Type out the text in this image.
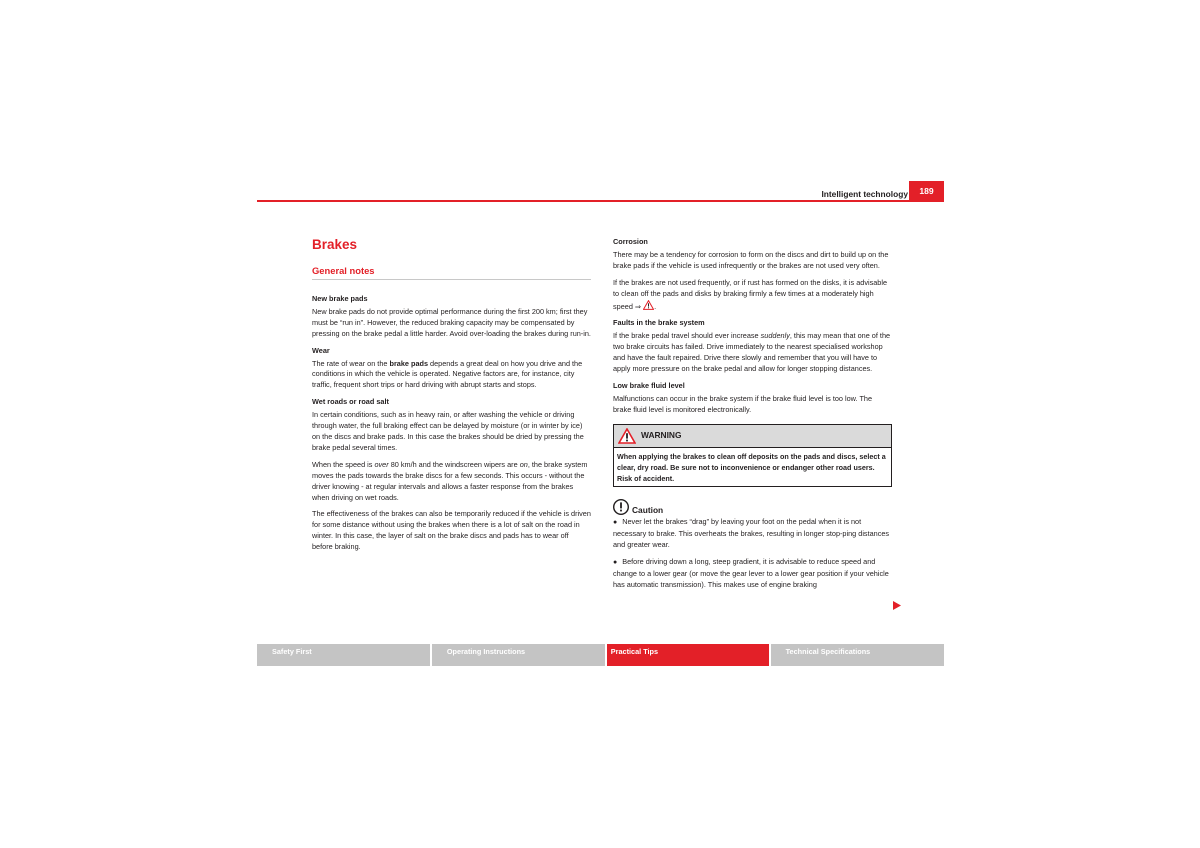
Intelligent technology	189
Brakes
General notes
New brake pads

New brake pads do not provide optimal performance during the first 200 km; first they must be “run in”. However, the reduced braking capacity may be compensated by pressing on the brake pedal a little harder. Avoid over-loading the brakes during run-in.

Wear

The rate of wear on the brake pads depends a great deal on how you drive and the conditions in which the vehicle is operated. Negative factors are, for instance, city traffic, frequent short trips or hard driving with abrupt starts and stops.

Wet roads or road salt

In certain conditions, such as in heavy rain, or after washing the vehicle or driving through water, the full braking effect can be delayed by moisture (or in winter by ice) on the discs and brake pads. In this case the brakes should be dried by pressing the brake pedal several times.

When the speed is over 80 km/h and the windscreen wipers are on, the brake system moves the pads towards the brake discs for a few seconds. This occurs - without the driver knowing - at regular intervals and allows a faster response from the brakes when driving on wet roads.

The effectiveness of the brakes can also be temporarily reduced if the vehicle is driven for some distance without using the brakes when there is a lot of salt on the road in winter. In this case, the layer of salt on the brake discs and pads has to wear off before braking.

Corrosion

There may be a tendency for corrosion to form on the discs and dirt to build up on the brake pads if the vehicle is used infrequently or the brakes are not used very often.

If the brakes are not used frequently, or if rust has formed on the disks, it is advisable to clean off the pads and disks by braking firmly a few times at a moderately high speed ⇒ .

Faults in the brake system

If the brake pedal travel should ever increase suddenly, this may mean that one of the two brake circuits has failed. Drive immediately to the nearest specialised workshop and have the fault repaired. Drive there slowly and remember that you will have to apply more pressure on the brake pedal and allow for longer stopping distances.

Low brake fluid level

Malfunctions can occur in the brake system if the brake fluid level is too low. The brake fluid level is monitored electronically.

WARNING
When applying the brakes to clean off deposits on the pads and discs, select a clear, dry road. Be sure not to inconvenience or endanger other road users. Risk of accident.
Caution

● Never let the brakes “drag” by leaving your foot on the pedal when it is not necessary to brake. This overheats the brakes, resulting in longer stop-ping distances and greater wear.

● Before driving down a long, steep gradient, it is advisable to reduce speed and change to a lower gear (or move the gear lever to a lower gear position if your vehicle has automatic transmission). This makes use of engine braking

Safety First	Operating Instructions	Practical Tips	Technical Specifications
